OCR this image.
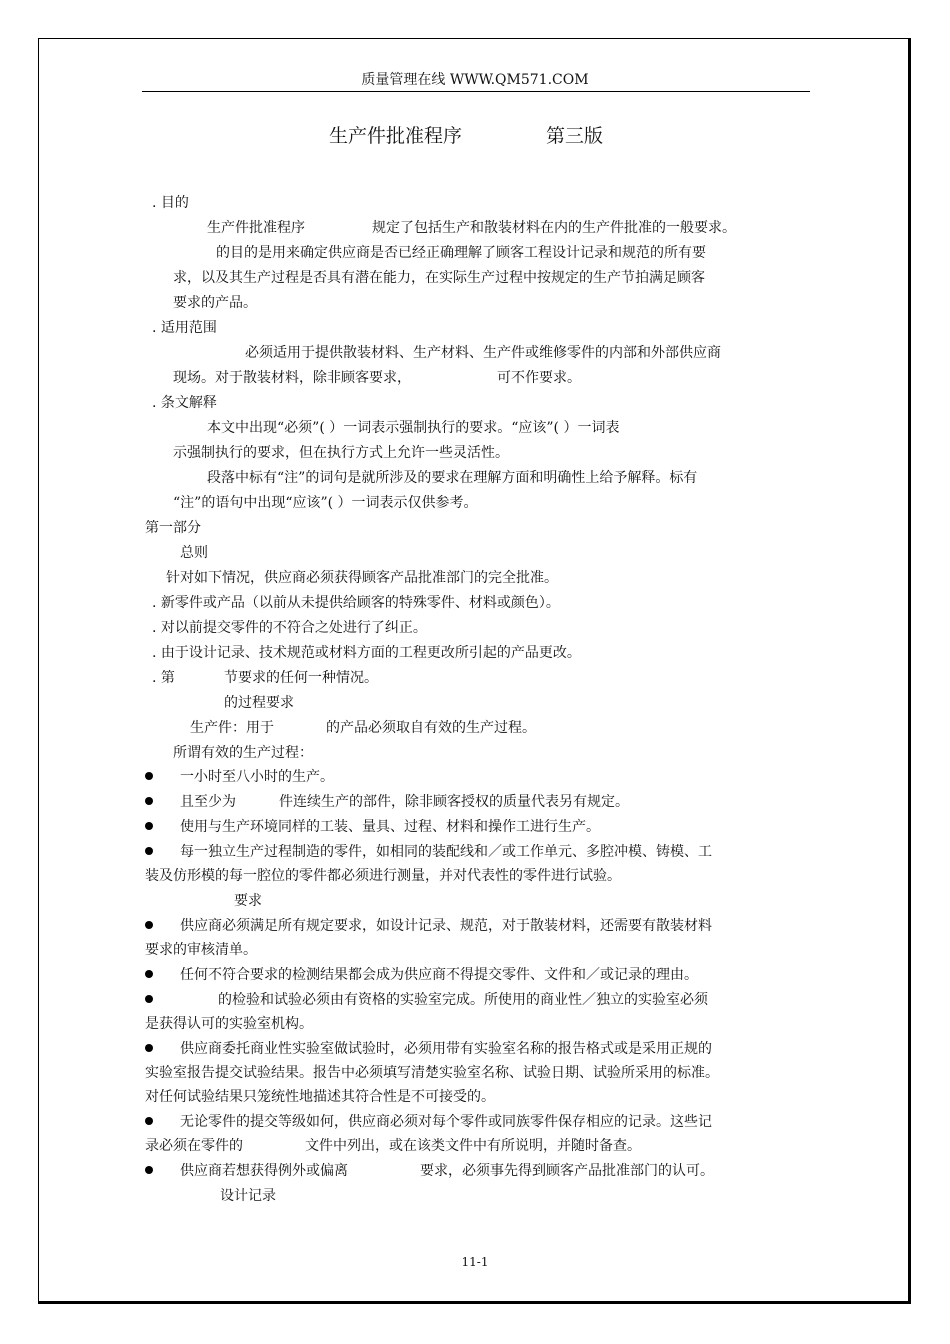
质量管理在线 WWW.QM571.COM
生产件批准程序	第三版
. 目的
生产件批准程序	规定了包括生产和散装材料在内的生产件批准的一般要求。
的目的是用来确定供应商是否已经正确理解了顾客工程设计记录和规范的所有要
求，以及其生产过程是否具有潜在能力，在实际生产过程中按规定的生产节拍满足顾客
要求的产品。
. 适用范围
必须适用于提供散装材料、生产材料、生产件或维修零件的内部和外部供应商
现场。对于散装材料，除非顾客要求，	可不作要求。
. 条文解释
本文中出现“必须”( ）一词表示强制执行的要求。“应该”( ）一词表
示强制执行的要求，但在执行方式上允许一些灵活性。
段落中标有“注”的词句是就所涉及的要求在理解方面和明确性上给予解释。标有
“注”的语句中出现“应该”( ）一词表示仅供参考。
第一部分
总则
针对如下情况，供应商必须获得顾客产品批准部门的完全批准。
. 新零件或产品（以前从未提供给顾客的特殊零件、材料或颜色）。
. 对以前提交零件的不符合之处进行了纠正。
. 由于设计记录、技术规范或材料方面的工程更改所引起的产品更改。
. 第	节要求的任何一种情况。
的过程要求
生产件：用于	的产品必须取自有效的生产过程。
所谓有效的生产过程：
一小时至八小时的生产。
且至少为	件连续生产的部件，除非顾客授权的质量代表另有规定。
使用与生产环境同样的工装、量具、过程、材料和操作工进行生产。
每一独立生产过程制造的零件，如相同的装配线和／或工作单元、多腔冲模、铸模、工
装及仿形模的每一腔位的零件都必须进行测量，并对代表性的零件进行试验。
要求
供应商必须满足所有规定要求，如设计记录、规范，对于散装材料，还需要有散装材料
要求的审核清单。
任何不符合要求的检测结果都会成为供应商不得提交零件、文件和／或记录的理由。
的检验和试验必须由有资格的实验室完成。所使用的商业性／独立的实验室必须
是获得认可的实验室机构。
供应商委托商业性实验室做试验时，必须用带有实验室名称的报告格式或是采用正规的
实验室报告提交试验结果。报告中必须填写清楚实验室名称、试验日期、试验所采用的标准。
对任何试验结果只笼统性地描述其符合性是不可接受的。
无论零件的提交等级如何，供应商必须对每个零件或同族零件保存相应的记录。这些记
录必须在零件的	文件中列出，或在该类文件中有所说明，并随时备查。
供应商若想获得例外或偏离	要求，必须事先得到顾客产品批准部门的认可。
设计记录
11-1
